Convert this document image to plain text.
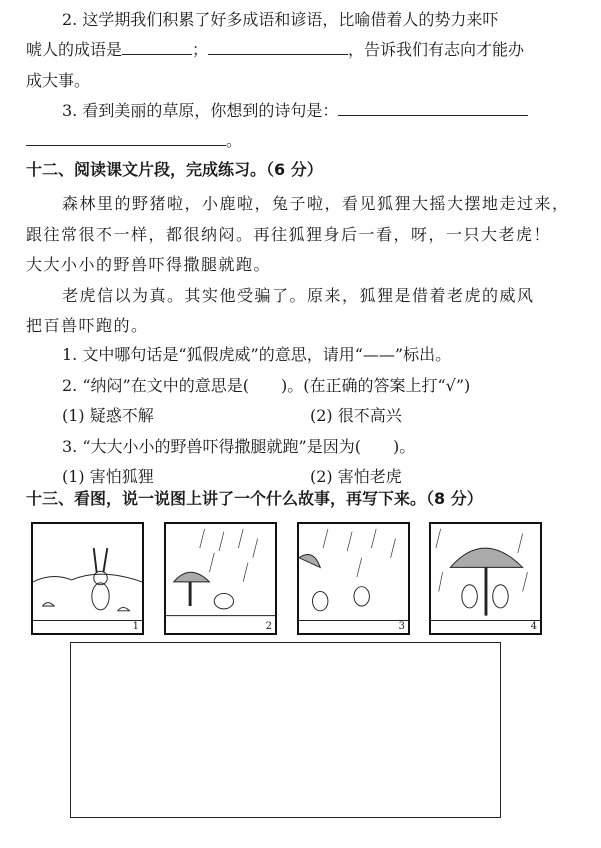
2. 这学期我们积累了好多成语和谚语，比喻借着人的势力来吓
唬人的成语是	；	，告诉我们有志向才能办
成大事。
3. 看到美丽的草原，你想到的诗句是：
。
十二、阅读课文片段，完成练习。（6 分）
森林里的野猪啦，小鹿啦，兔子啦，看见狐狸大摇大摆地走过来，
跟往常很不一样，都很纳闷。再往狐狸身后一看，呀，一只大老虎！
大大小小的野兽吓得撒腿就跑。
老虎信以为真。其实他受骗了。原来，狐狸是借着老虎的威风
把百兽吓跑的。
1. 文中哪句话是“狐假虎威”的意思，请用“——”标出。
2. “纳闷”在文中的意思是(　　)。(在正确的答案上打“√”)
(1) 疑惑不解	(2) 很不高兴
3. “大大小小的野兽吓得撒腿就跑”是因为(　　)。
(1) 害怕狐狸	(2) 害怕老虎
十三、看图，说一说图上讲了一个什么故事，再写下来。（8 分）
1	2	3	4
